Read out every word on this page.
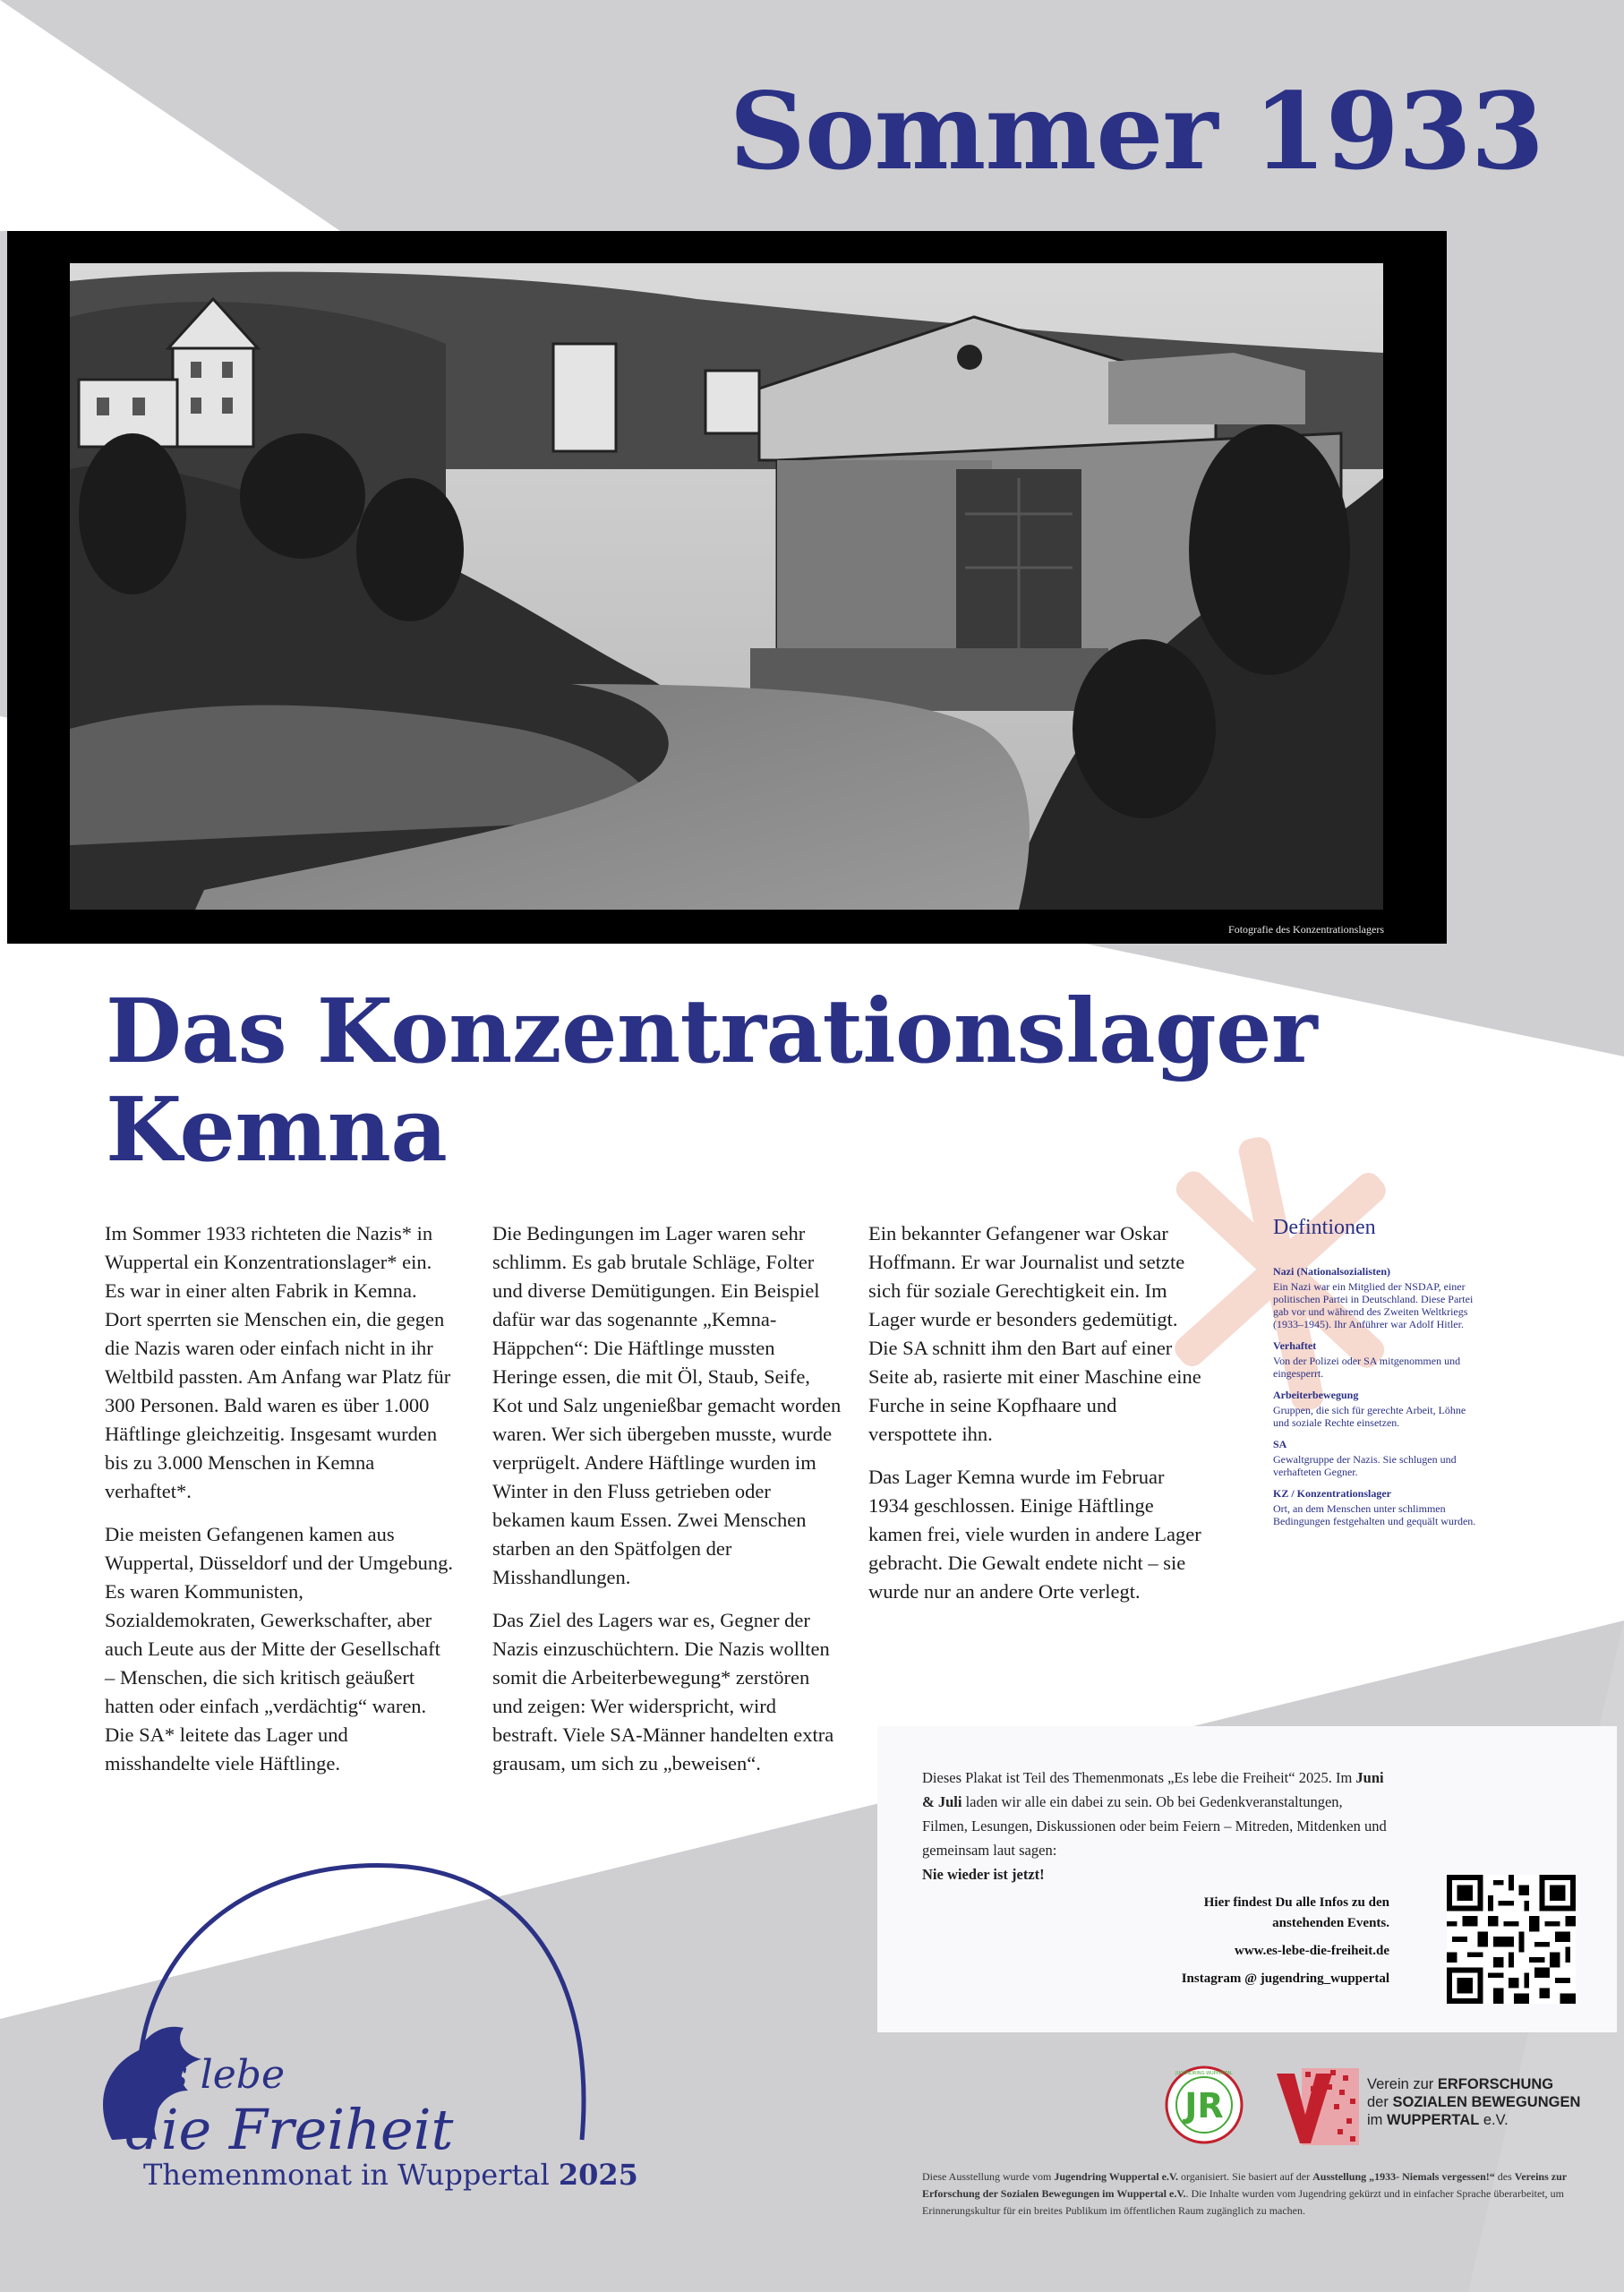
Sommer 1933
Fotografie des Konzentrationslagers
Das Konzentrationslager
Kemna

Im Sommer 1933 richteten die Nazis* in Wuppertal ein Konzentrationslager* ein. Es war in einer alten Fabrik in Kemna. Dort sperrten sie Menschen ein, die gegen die Nazis waren oder einfach nicht in ihr Weltbild passten. Am Anfang war Platz für 300 Personen. Bald waren es über 1.000 Häftlinge gleichzeitig. Insgesamt wurden bis zu 3.000 Menschen in Kemna verhaftet*.

Die meisten Gefangenen kamen aus Wuppertal, Düsseldorf und der Umgebung. Es waren Kommunisten, Sozialdemokraten, Gewerkschafter, aber auch Leute aus der Mitte der Gesellschaft – Menschen, die sich kritisch geäußert hatten oder einfach „verdächtig“ waren. Die SA* leitete das Lager und misshandelte viele Häftlinge.

Die Bedingungen im Lager waren sehr schlimm. Es gab brutale Schläge, Folter und diverse Demütigungen. Ein Beispiel dafür war das sogenannte „Kemna-Häppchen“: Die Häftlinge mussten Heringe essen, die mit Öl, Staub, Seife, Kot und Salz ungenießbar gemacht worden waren. Wer sich übergeben musste, wurde verprügelt. Andere Häftlinge wurden im Winter in den Fluss getrieben oder bekamen kaum Essen. Zwei Menschen starben an den Spätfolgen der Misshandlungen.

Das Ziel des Lagers war es, Gegner der Nazis einzuschüchtern. Die Nazis wollten somit die Arbeiterbewegung* zerstören und zeigen: Wer widerspricht, wird bestraft. Viele SA-Männer handelten extra grausam, um sich zu „beweisen“.

Ein bekannter Gefangener war Oskar Hoffmann. Er war Journalist und setzte sich für soziale Gerechtigkeit ein. Im Lager wurde er besonders gedemütigt. Die SA schnitt ihm den Bart auf einer Seite ab, rasierte mit einer Maschine eine Furche in seine Kopfhaare und verspottete ihn.

Das Lager Kemna wurde im Februar 1934 geschlossen. Einige Häftlinge kamen frei, viele wurden in andere Lager gebracht. Die Gewalt endete nicht – sie wurde nur an andere Orte verlegt.

Defintionen
Nazi (Nationalsozialisten)
Ein Nazi war ein Mitglied der NSDAP, einer politischen Partei in Deutschland. Diese Partei gab vor und während des Zweiten Weltkriegs (1933–1945). Ihr Anführer war Adolf Hitler.
Verhaftet
Von der Polizei oder SA mitgenommen und eingesperrt.
Arbeiterbewegung
Gruppen, die sich für gerechte Arbeit, Löhne und soziale Rechte einsetzen.
SA
Gewaltgruppe der Nazis. Sie schlugen und verhafteten Gegner.
KZ / Konzentrationslager
Ort, an dem Menschen unter schlimmen Bedingungen festgehalten und gequält wurden.

Dieses Plakat ist Teil des Themenmonats „Es lebe die Freiheit“ 2025. Im Juni & Juli laden wir alle ein dabei zu sein. Ob bei Gedenkveranstaltungen, Filmen, Lesungen, Diskussionen oder beim Feiern – Mitreden, Mitdenken und gemeinsam laut sagen:
Nie wieder ist jetzt!

Hier findest Du alle Infos zu den
anstehenden Events.
www.es-lebe-die-freiheit.de
Instagram @ jugendring_wuppertal
Es lebe
die Freiheit

Themenmonat in Wuppertal 2025

JUGENDRING WUPPERTAL
JR

Verein zur ERFORSCHUNG
der SOZIALEN BEWEGUNGEN
im WUPPERTAL e.V.

Diese Ausstellung wurde vom Jugendring Wuppertal e.V. organisiert. Sie basiert auf der Ausstellung „1933- Niemals vergessen!“ des Vereins zur Erforschung der Sozialen Bewegungen im Wuppertal e.V.. Die Inhalte wurden vom Jugendring gekürzt und in einfacher Sprache überarbeitet, um Erinnerungskultur für ein breites Publikum im öffentlichen Raum zugänglich zu machen.
